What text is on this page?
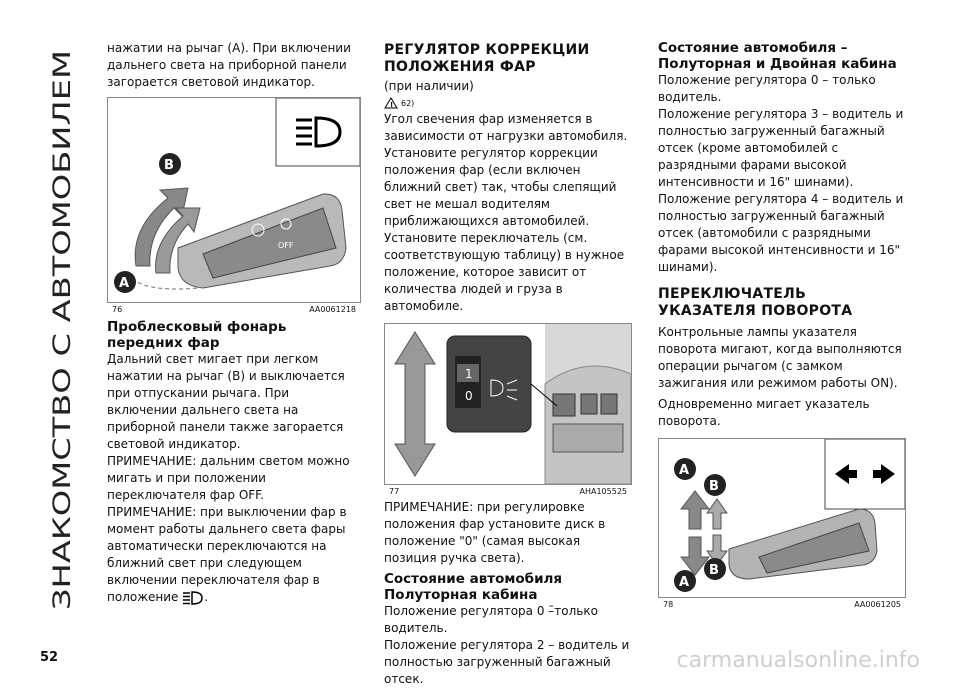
ЗНАКОМСТВО С АВТОМОБИЛЕМ

нажатии на рычаг (A). При включении дальнего света на приборной панели загорается световой индикатор.

OFF
B
A
76	AA0061218
Проблесковый фонарь передних фар

Дальний свет мигает при легком нажатии на рычаг (B) и выключается при отпускании рычага. При включении дальнего света на приборной панели также загорается световой индикатор.

ПРИМЕЧАНИЕ: дальним светом можно мигать и при положении переключателя фар OFF.

ПРИМЕЧАНИЕ: при выключении фар в момент работы дальнего света фары автоматически переключаются на ближний свет при следующем включении переключателя фар в положение .

РЕГУЛЯТОР КОРРЕКЦИИ ПОЛОЖЕНИЯ ФАР

(при наличии)

! 62)

Угол свечения фар изменяется в зависимости от нагрузки автомобиля. Установите регулятор коррекции положения фар (если включен ближний свет) так, чтобы слепящий свет не мешал водителям приближающихся автомобилей. Установите переключатель (см. соответствующую таблицу) в нужное положение, которое зависит от количества людей и груза в автомобиле.

1
0
77	AHA105525

ПРИМЕЧАНИЕ: при регулировке положения фар установите диск в положение "0" (самая высокая позиция ручка света).

Состояние автомобиля Полуторная кабина

Положение регулятора 0 –̄только водитель.

Положение регулятора 2 – водитель и полностью загруженный багажный отсек.

Состояние автомобиля – Полуторная и Двойная кабина

Положение регулятора 0 – только водитель.

Положение регулятора 3 – водитель и полностью загруженный багажный отсек (кроме автомобилей с разрядными фарами высокой интенсивности и 16" шинами).

Положение регулятора 4 – водитель и полностью загруженный багажный отсек (автомобили с разрядными фарами высокой интенсивности и 16" шинами).

ПЕРЕКЛЮЧАТЕЛЬ УКАЗАТЕЛЯ ПОВОРОТА

Контрольные лампы указателя поворота мигают, когда выполняются операции рычагом (с замком зажигания или режимом работы ON).

Одновременно мигает указатель поворота.

A
B
B
A
78	AA0061205
52	carmanualsonline.info
